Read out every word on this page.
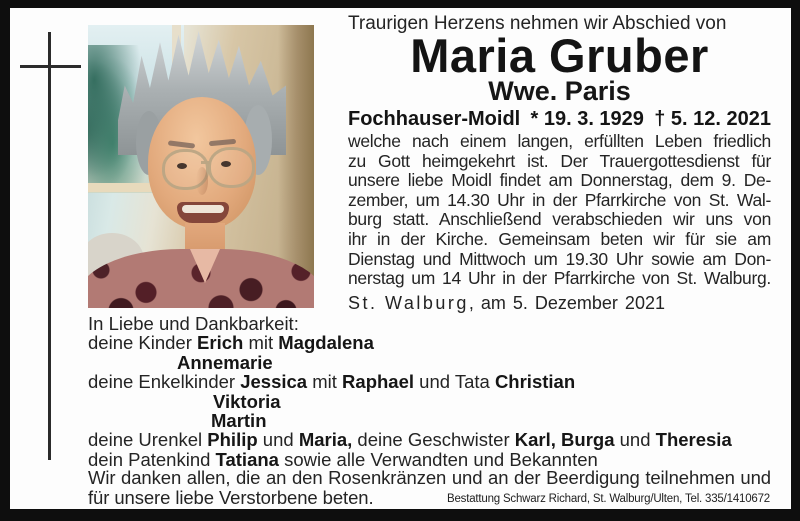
Traurigen Herzens nehmen wir Abschied von
Maria Gruber
Wwe. Paris
Fochhauser-Moidl * 19. 3. 1929 † 5. 12. 2021
welche nach einem langen, erfüllten Leben friedlich
zu Gott heimgekehrt ist. Der Trauergottesdienst für
unsere liebe Moidl findet am Donnerstag, dem 9. De-
zember, um 14.30 Uhr in der Pfarrkirche von St. Wal-
burg statt. Anschließend verabschieden wir uns von
ihr in der Kirche. Gemeinsam beten wir für sie am
Dienstag und Mittwoch um 19.30 Uhr sowie am Don-
nerstag um 14 Uhr in der Pfarrkirche von St. Walburg.
St. Walburg, am 5. Dezember 2021
In Liebe und Dankbarkeit:
deine Kinder Erich mit Magdalena
Annemarie
deine Enkelkinder Jessica mit Raphael und Tata Christian
Viktoria
Martin
deine Urenkel Philip und Maria, deine Geschwister Karl, Burga und Theresia
dein Patenkind Tatiana sowie alle Verwandten und Bekannten
Wir danken allen, die an den Rosenkränzen und an der Beerdigung teilnehmen und
für unsere liebe Verstorbene beten.	Bestattung Schwarz Richard, St. Walburg/Ulten, Tel. 335/1410672
